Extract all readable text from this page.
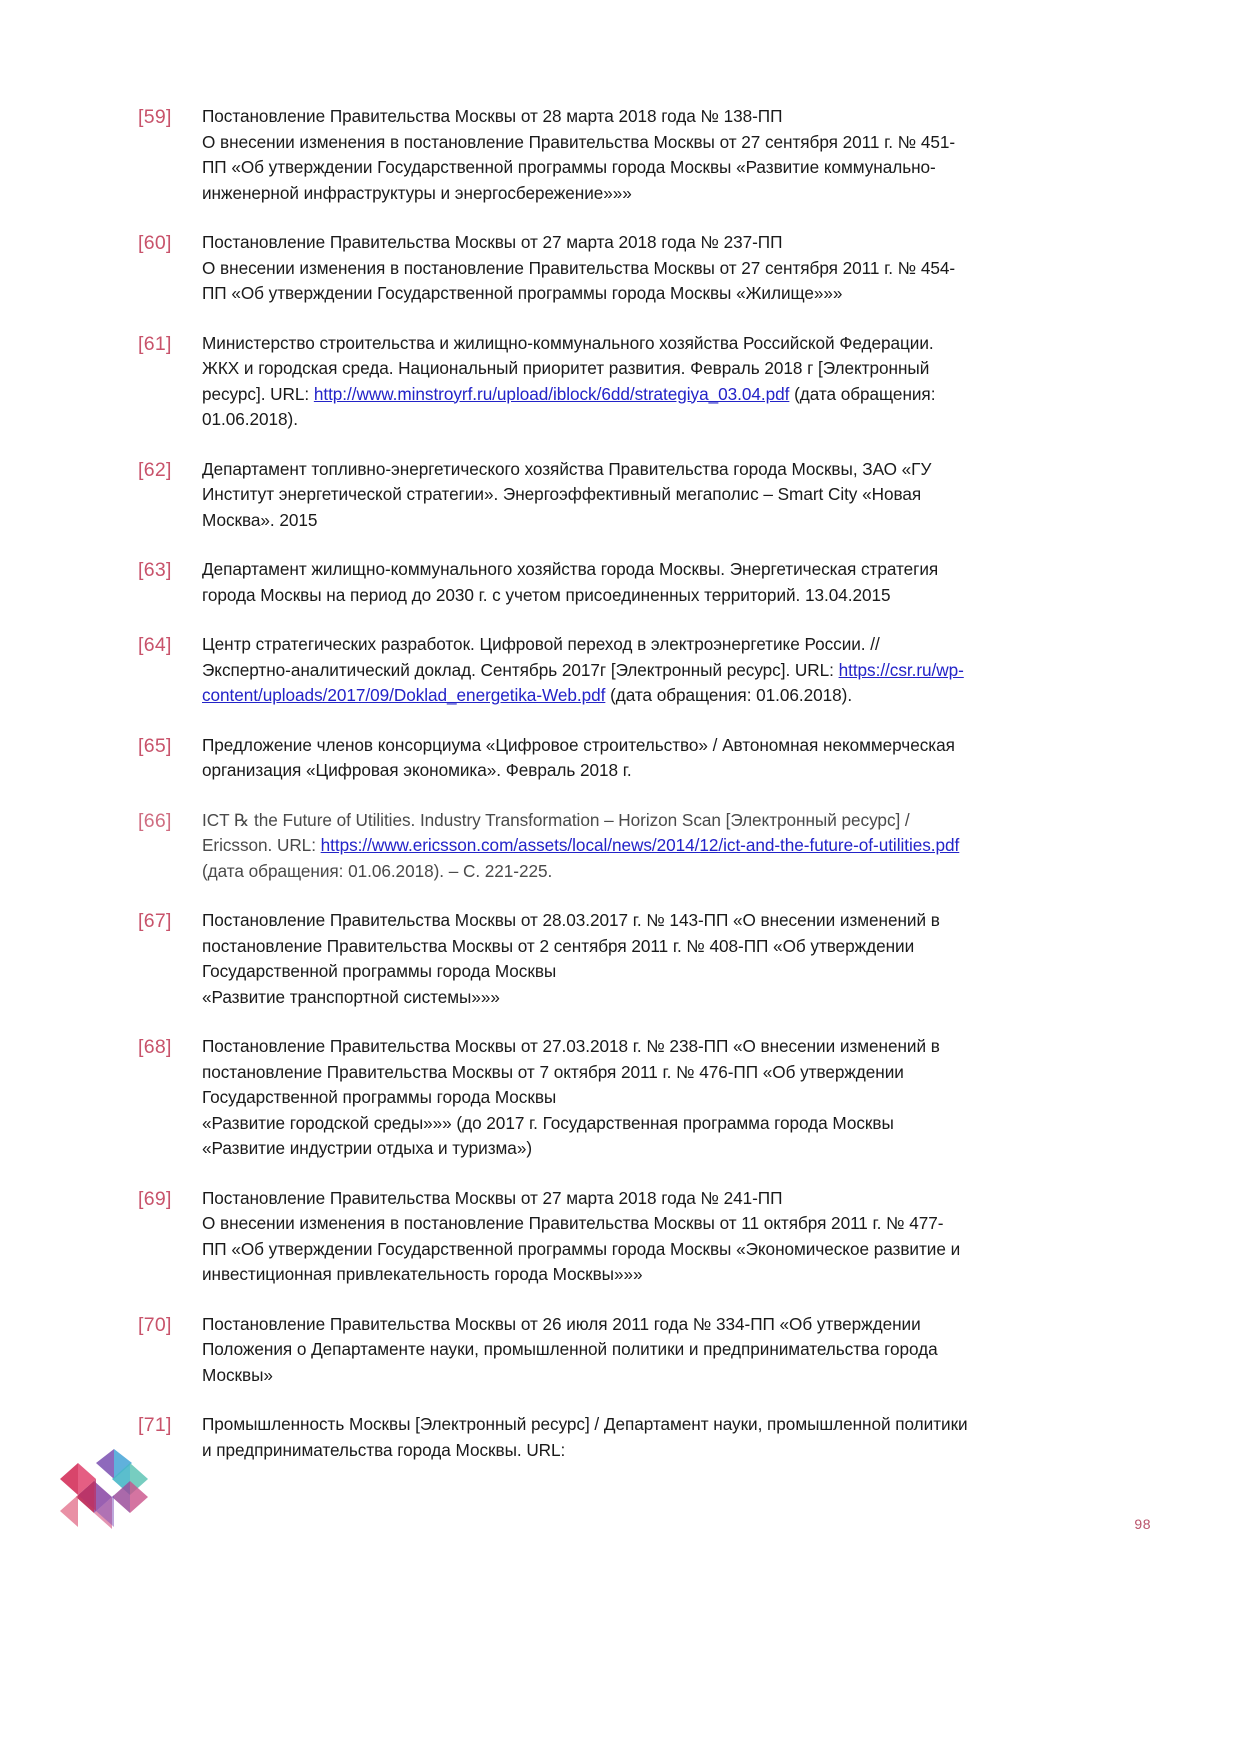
[59]	Постановление Правительства Москвы от 28 марта 2018 года № 138-ПП

О внесении изменения в постановление Правительства Москвы от 27 сентября 2011 г. № 451-ПП «Об утверждении Государственной программы города Москвы «Развитие коммунально-инженерной инфраструктуры и энергосбережение»»»

[60]	Постановление Правительства Москвы от 27 марта 2018 года № 237-ПП

О внесении изменения в постановление Правительства Москвы от 27 сентября 2011 г. № 454-ПП «Об утверждении Государственной программы города Москвы «Жилище»»»

[61]	Министерство строительства и жилищно-коммунального хозяйства Российской Федерации. ЖКХ и городская среда. Национальный приоритет развития. Февраль 2018 г [Электронный ресурс]. URL: http://www.minstroyrf.ru/upload/iblock/6dd/strategiya_03.04.pdf (дата обращения: 01.06.2018).

[62]	Департамент топливно-энергетического хозяйства Правительства города Москвы, ЗАО «ГУ Институт энергетической стратегии». Энергоэффективный мегаполис – Smart City «Новая Москва». 2015

[63]	Департамент жилищно-коммунального хозяйства города Москвы. Энергетическая стратегия города Москвы на период до 2030 г. с учетом присоединенных территорий. 13.04.2015

[64]	Центр стратегических разработок. Цифровой переход в электроэнергетике России. //Экспертно-аналитический доклад. Сентябрь 2017г [Электронный ресурс]. URL: https://csr.ru/wp-content/uploads/2017/09/Doklad_energetika-Web.pdf (дата обращения: 01.06.2018).

[65]	Предложение членов консорциума «Цифровое строительство» / Автономная некоммерческая организация «Цифровая экономика». Февраль 2018 г.

[66]	ICT ℞ the Future of Utilities. Industry Transformation – Horizon Scan [Электронный ресурс] / Ericsson. URL: https://www.ericsson.com/assets/local/news/2014/12/ict-and-the-future-of-utilities.pdf (дата обращения: 01.06.2018). – С. 221-225.

[67]	Постановление Правительства Москвы от 28.03.2017 г. № 143-ПП «О внесении изменений в постановление Правительства Москвы от 2 сентября 2011 г. № 408-ПП «Об утверждении Государственной программы города Москвы

«Развитие транспортной системы»»»

[68]	Постановление Правительства Москвы от 27.03.2018 г. № 238-ПП «О внесении изменений в постановление Правительства Москвы от 7 октября 2011 г. № 476-ПП «Об утверждении Государственной программы города Москвы

«Развитие городской среды»»» (до 2017 г. Государственная программа города Москвы «Развитие индустрии отдыха и туризма»)

[69]	Постановление Правительства Москвы от 27 марта 2018 года № 241-ПП

О внесении изменения в постановление Правительства Москвы от 11 октября 2011 г. № 477-ПП «Об утверждении Государственной программы города Москвы «Экономическое развитие и инвестиционная привлекательность города Москвы»»»

[70]	Постановление Правительства Москвы от 26 июля 2011 года № 334-ПП «Об утверждении Положения о Департаменте науки, промышленной политики и предпринимательства города Москвы»

[71]	Промышленность Москвы [Электронный ресурс] / Департамент науки, промышленной политики и предпринимательства города Москвы. URL:

98
